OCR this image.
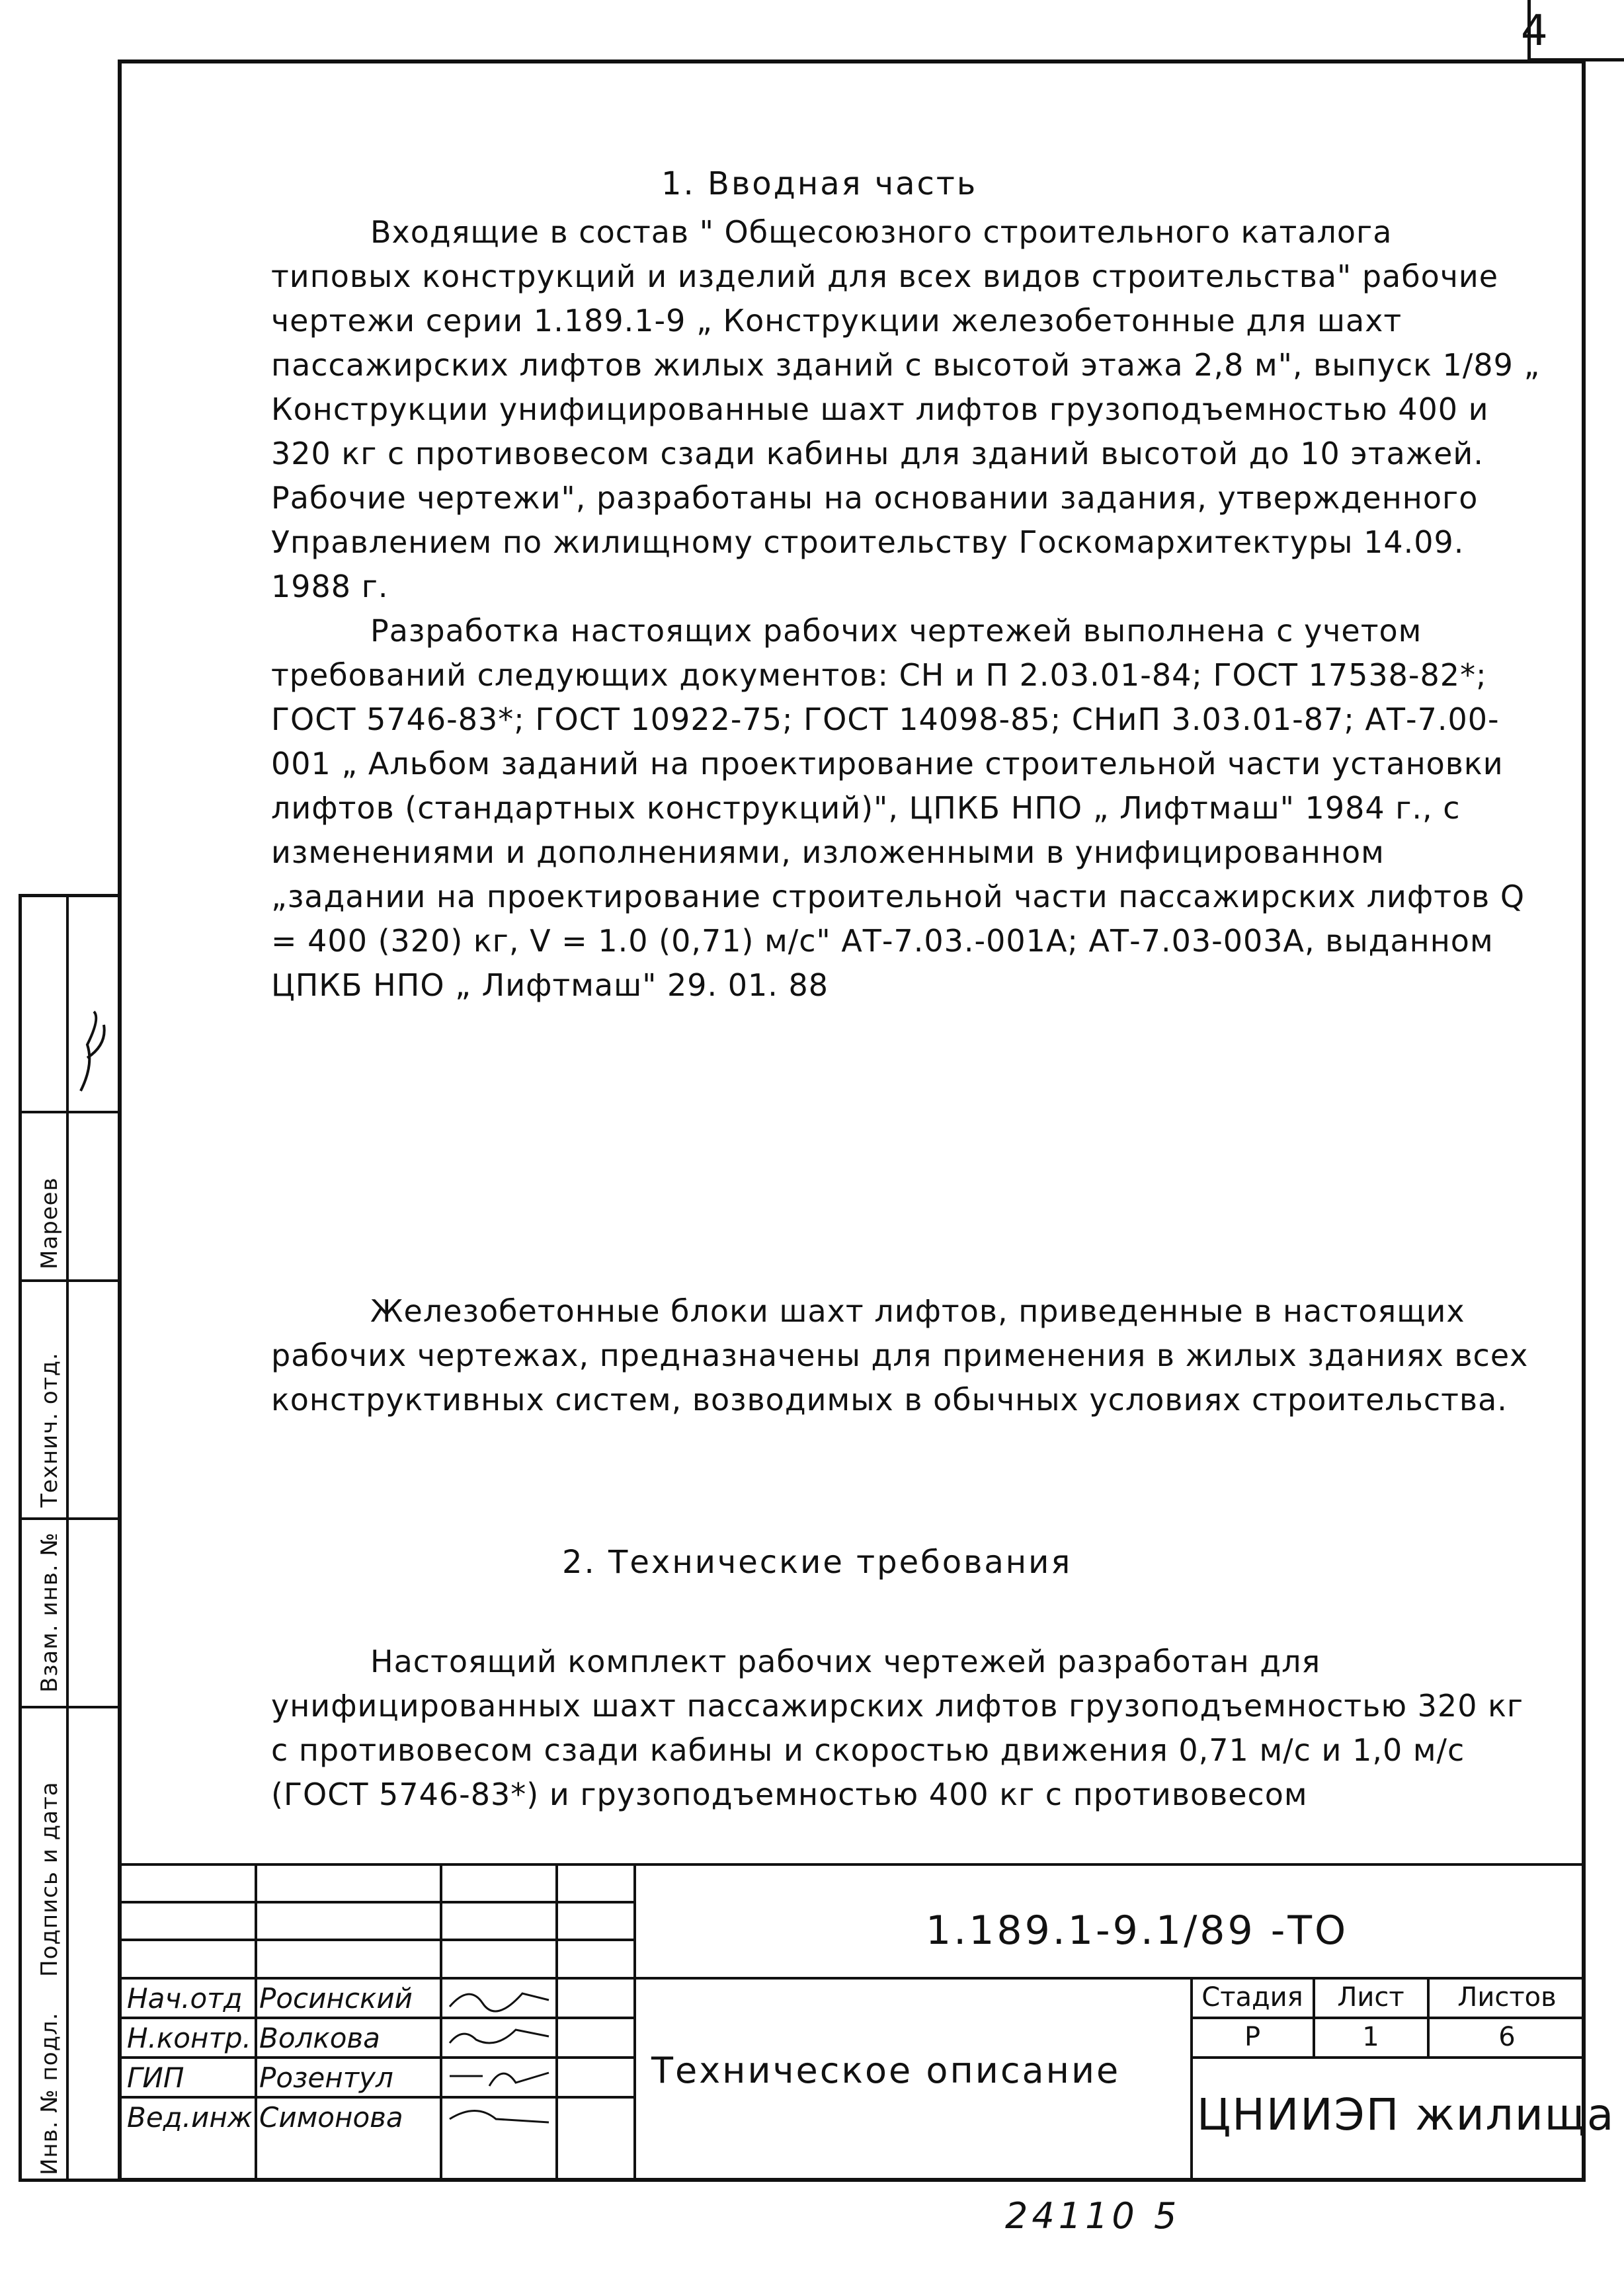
4
Инв. № подл.
Подпись и дата
Взам. инв. №
Технич. отд.
Мареев
1. Вводная часть

Входящие в состав " Общесоюзного строительного каталога типовых конструкций и изделий для всех видов строительства" рабочие чертежи серии 1.189.1-9 „ Конструкции железобетонные для шахт пассажирских лифтов жилых зданий с высотой этажа 2,8 м", выпуск 1/89 „ Конструкции унифицированные шахт лифтов грузоподъемностью 400 и 320 кг с противовесом сзади кабины для зданий высотой до 10 этажей. Рабочие чертежи", разработаны на основании задания, утвержденного Управлением по жилищному строительству Госкомархитектуры 14.09. 1988 г.

Разработка настоящих рабочих чертежей выполнена с учетом требований следующих документов: СН и П 2.03.01-84; ГОСТ 17538-82*; ГОСТ 5746-83*; ГОСТ 10922-75; ГОСТ 14098-85; СНиП 3.03.01-87; АТ-7.00-001 „ Альбом заданий на проектирование строительной части установки лифтов (стандартных конструкций)", ЦПКБ НПО „ Лифтмаш" 1984 г., с изменениями и дополнениями, изложенными в унифицированном „задании на проектирование строительной части пассажирских лифтов Q = 400 (320) кг, V = 1.0 (0,71) м/с" АТ-7.03.-001А; АТ-7.03-003А, выданном ЦПКБ НПО „ Лифтмаш" 29. 01. 88

Железобетонные блоки шахт лифтов, приведенные в настоящих рабочих чертежах, предназначены для применения в жилых зданиях всех конструктивных систем, возводимых в обычных условиях строительства.

2. Технические требования

Настоящий комплект рабочих чертежей разработан для унифицированных шахт пассажирских лифтов грузоподъемностью 320 кг с противовесом сзади кабины и скоростью движения 0,71 м/с и 1,0 м/с (ГОСТ 5746-83*) и грузоподъемностью 400 кг с противовесом

1.189.1-9.1/89 -ТО
Техническое описание
Нач.отд Росинский
Н.контр. Волкова
ГИП	Розентул
Вед.инж Симонова
Стадия	Лист	Листов
Р	1	6
ЦНИИЭП жилища
24110 5
